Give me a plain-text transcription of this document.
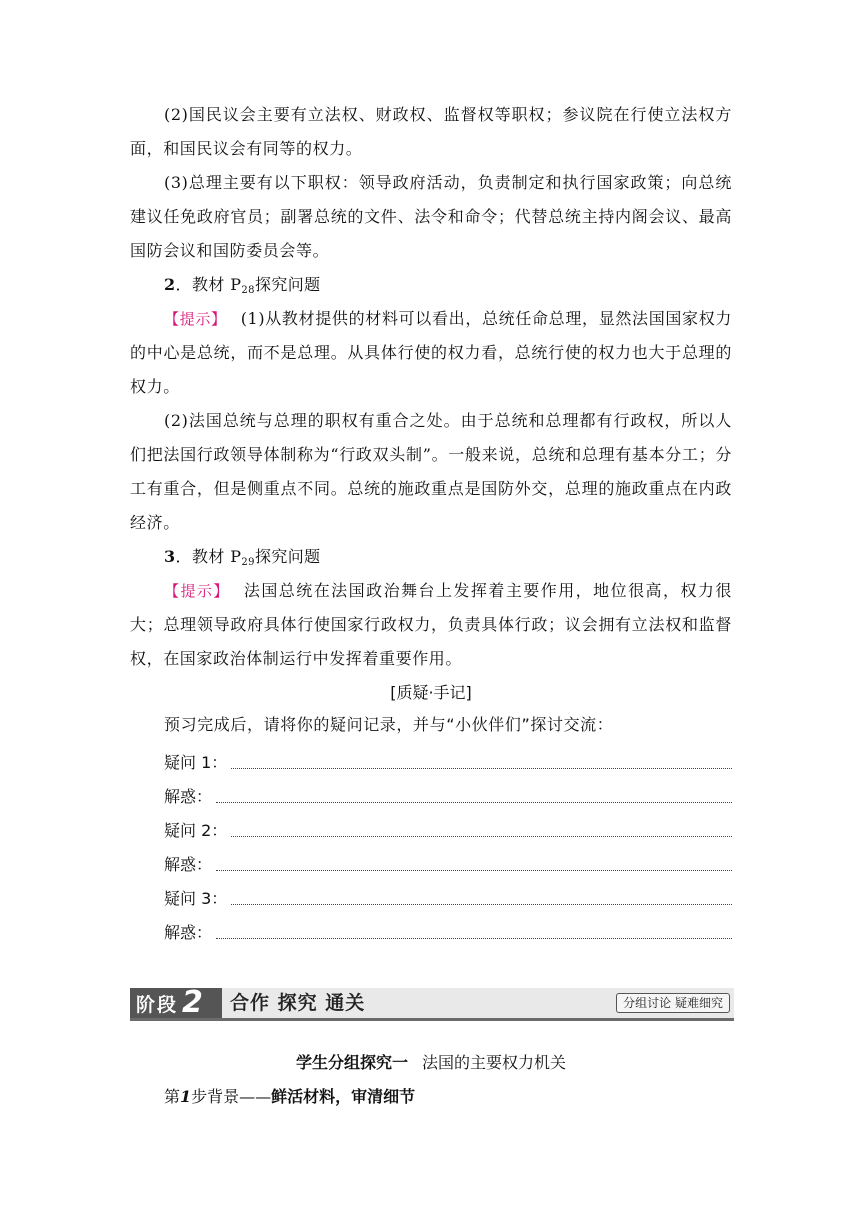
(2)国民议会主要有立法权、财政权、监督权等职权；参议院在行使立法权方面，和国民议会有同等的权力。
(3)总理主要有以下职权：领导政府活动，负责制定和执行国家政策；向总统建议任免政府官员；副署总统的文件、法令和命令；代替总统主持内阁会议、最高国防会议和国防委员会等。
2．教材 $P_{28}$探究问题
【提示】 (1)从教材提供的材料可以看出，总统任命总理，显然法国国家权力的中心是总统，而不是总理。从具体行使的权力看，总统行使的权力也大于总理的权力。
(2)法国总统与总理的职权有重合之处。由于总统和总理都有行政权，所以人们把法国行政领导体制称为“行政双头制”。一般来说，总统和总理有基本分工；分工有重合，但是侧重点不同。总统的施政重点是国防外交，总理的施政重点在内政经济。
3．教材 $P_{29}$探究问题
【提示】 法国总统在法国政治舞台上发挥着主要作用，地位很高，权力很大；总理领导政府具体行使国家行政权力，负责具体行政；议会拥有立法权和监督权，在国家政治体制运行中发挥着重要作用。
[质疑·手记]
预习完成后，请将你的疑问记录，并与“小伙伴们”探讨交流：
疑问 1：
解惑：
疑问 2：
解惑：
疑问 3：
解惑：
阶段 2 合作 探究 通关	分组讨论 疑难细究
学生分组探究一 法国的主要权力机关
第1步背景——鲜活材料，审清细节
